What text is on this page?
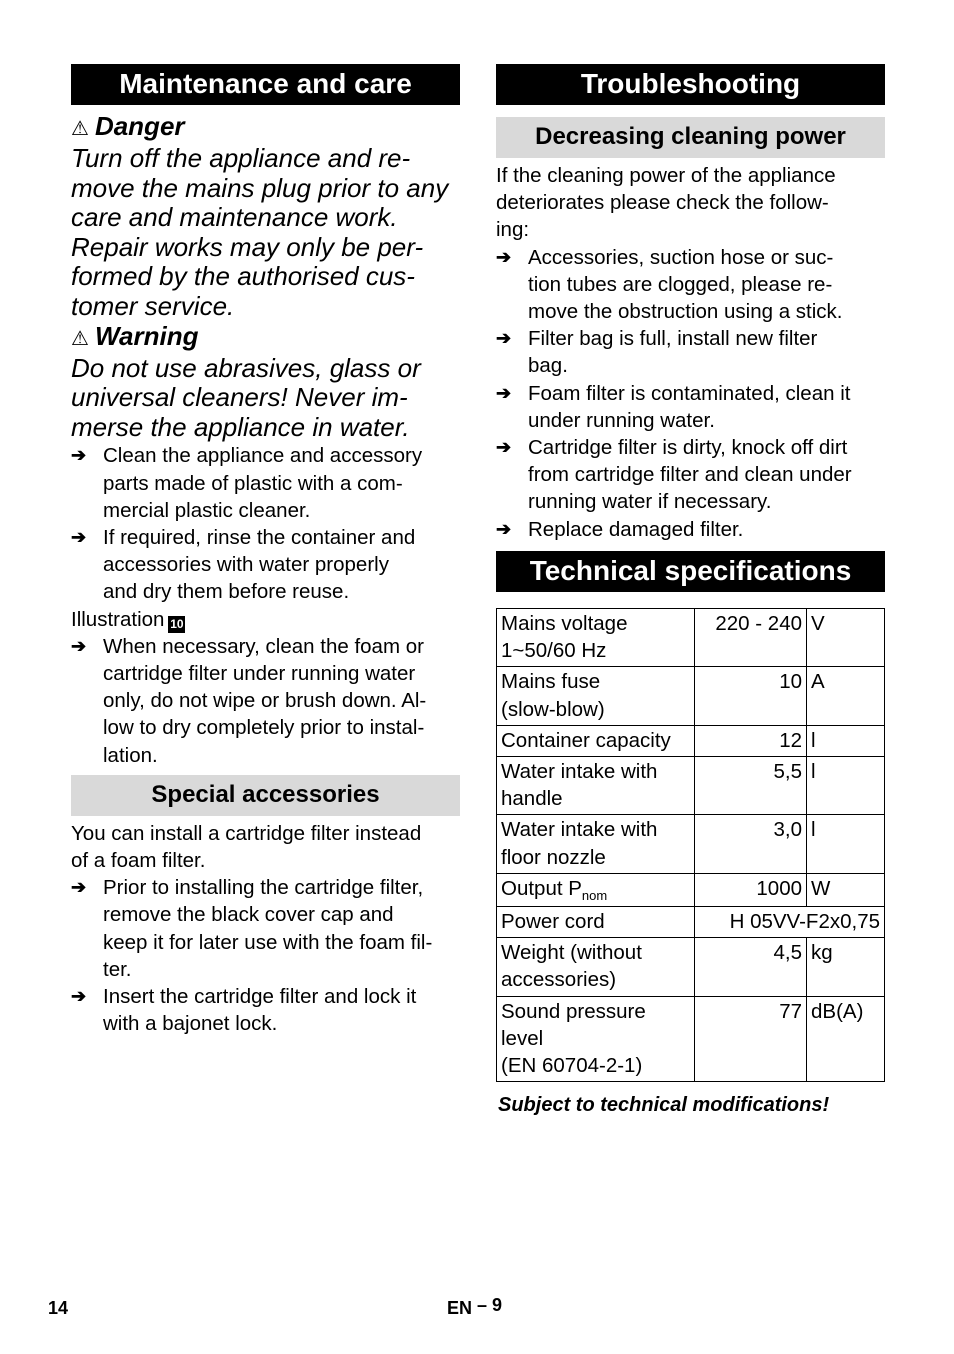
Maintenance and care
⚠ Danger
Turn off the appliance and re-
move the mains plug prior to any
care and maintenance work.
Repair works may only be per-
formed by the authorised cus-
tomer service.
⚠ Warning
Do not use abrasives, glass or
universal cleaners! Never im-
merse the appliance in water.
➔ Clean the appliance and accessory
parts made of plastic with a com-
mercial plastic cleaner.
➔ If required, rinse the container and
accessories with water properly
and dry them before reuse.
Illustration 10
➔ When necessary, clean the foam or
cartridge filter under running water
only, do not wipe or brush down. Al-
low to dry completely prior to instal-
lation.
Special accessories
You can install a cartridge filter instead
of a foam filter.
➔ Prior to installing the cartridge filter,
remove the black cover cap and
keep it for later use with the foam fil-
ter.
➔ Insert the cartridge filter and lock it
with a bajonet lock.
Troubleshooting
Decreasing cleaning power
If the cleaning power of the appliance
deteriorates please check the follow-
ing:
➔ Accessories, suction hose or suc-
tion tubes are clogged, please re-
move the obstruction using a stick.
➔ Filter bag is full, install new filter
bag.
➔ Foam filter is contaminated, clean it
under running water.
➔ Cartridge filter is dirty, knock off dirt
from cartridge filter and clean under
running water if necessary.
➔ Replace damaged filter.
Technical specifications
Mains voltage
1~50/60 Hz	220 - 240	V

Mains fuse
(slow-blow)	10	A

Container capacity	12	l

Water intake with
handle	5,5	l

Water intake with
floor nozzle	3,0	l
Output $P_{nom}$	1000	W

Power cord	H 05VV-F2x0,75	

Weight (without
accessories)	4,5	kg

Sound pressure
level
(EN 60704-2-1)	77	dB(A)
Subject to technical modifications!
14	EN – 9
